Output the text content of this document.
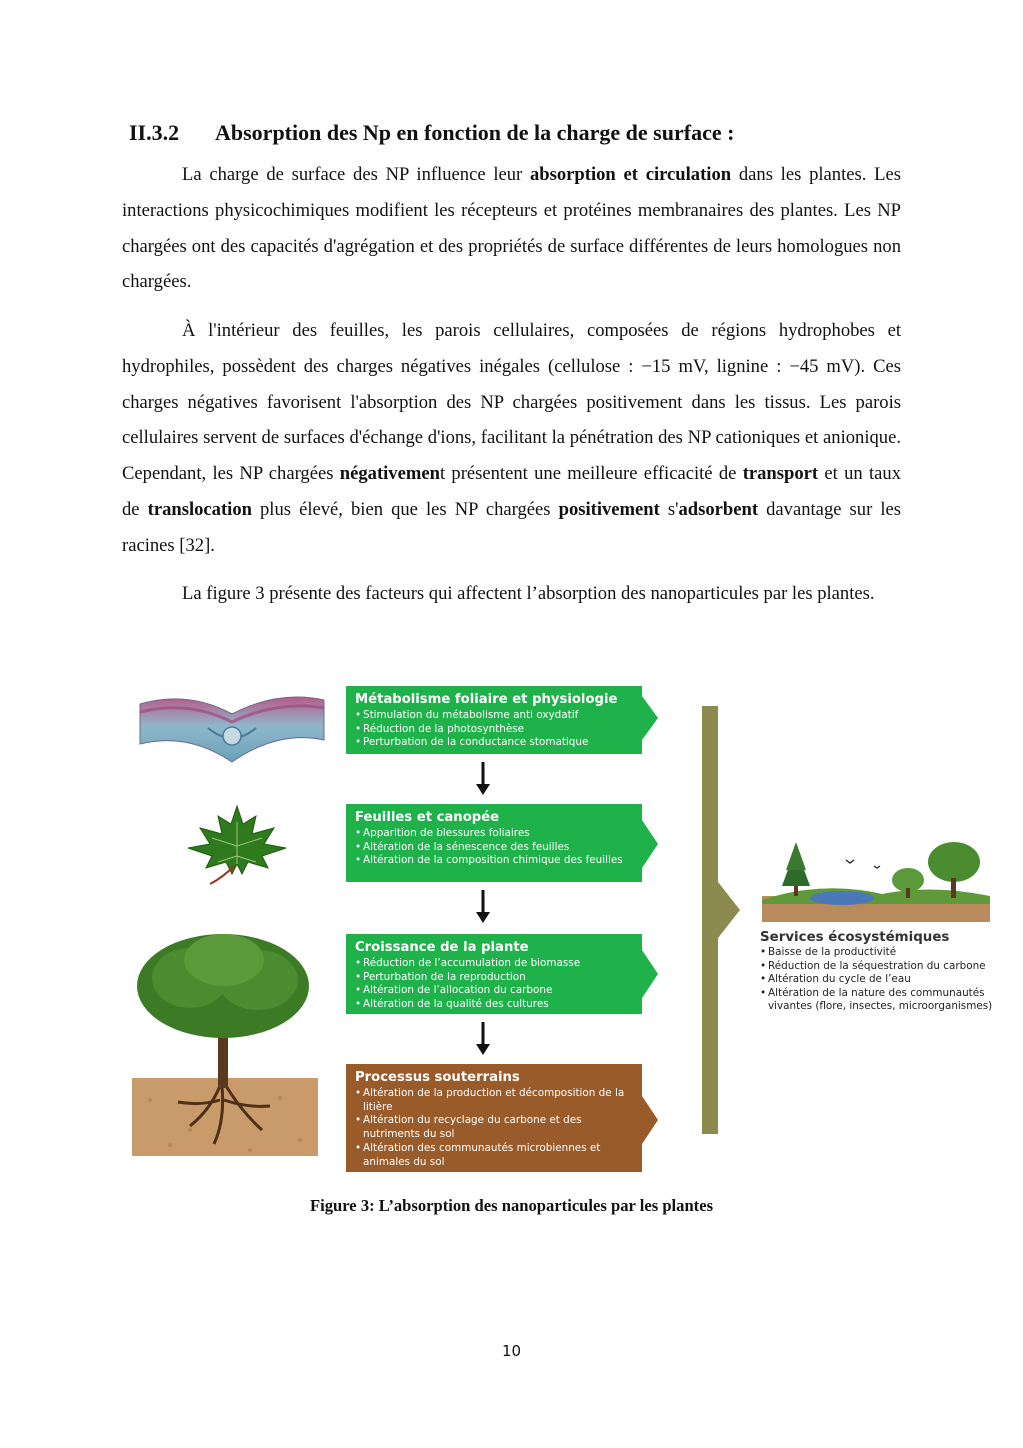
II.3.2 Absorption des Np en fonction de la charge de surface :

La charge de surface des NP influence leur absorption et circulation dans les plantes. Les interactions physicochimiques modifient les récepteurs et protéines membranaires des plantes. Les NP chargées ont des capacités d'agrégation et des propriétés de surface différentes de leurs homologues non chargées.

À l'intérieur des feuilles, les parois cellulaires, composées de régions hydrophobes et hydrophiles, possèdent des charges négatives inégales (cellulose : −15 mV, lignine : −45 mV). Ces charges négatives favorisent l'absorption des NP chargées positivement dans les tissus. Les parois cellulaires servent de surfaces d'échange d'ions, facilitant la pénétration des NP cationiques et anionique. Cependant, les NP chargées négativement présentent une meilleure efficacité de transport et un taux de translocation plus élevé, bien que les NP chargées positivement s'adsorbent davantage sur les racines [32].

La figure 3 présente des facteurs qui affectent l’absorption des nanoparticules par les plantes.

Métabolisme foliaire et physiologie
• Stimulation du métabolisme anti oxydatif
• Réduction de la photosynthèse
• Perturbation de la conductance stomatique
Feuilles et canopée
• Apparition de blessures foliaires
• Altération de la sénescence des feuilles
• Altération de la composition chimique des feuilles
Croissance de la plante
• Réduction de l’accumulation de biomasse
• Perturbation de la reproduction
• Altération de l’allocation du carbone
• Altération de la qualité des cultures
Processus souterrains
• Altération de la production et décomposition de la litière
• Altération du recyclage du carbone et des nutriments du sol
• Altération des communautés microbiennes et animales du sol
Services écosystémiques
• Baisse de la productivité
• Réduction de la séquestration du carbone
• Altération du cycle de l’eau
• Altération de la nature des communautés vivantes (flore, insectes, microorganismes)

Figure 3: L’absorption des nanoparticules par les plantes

10
